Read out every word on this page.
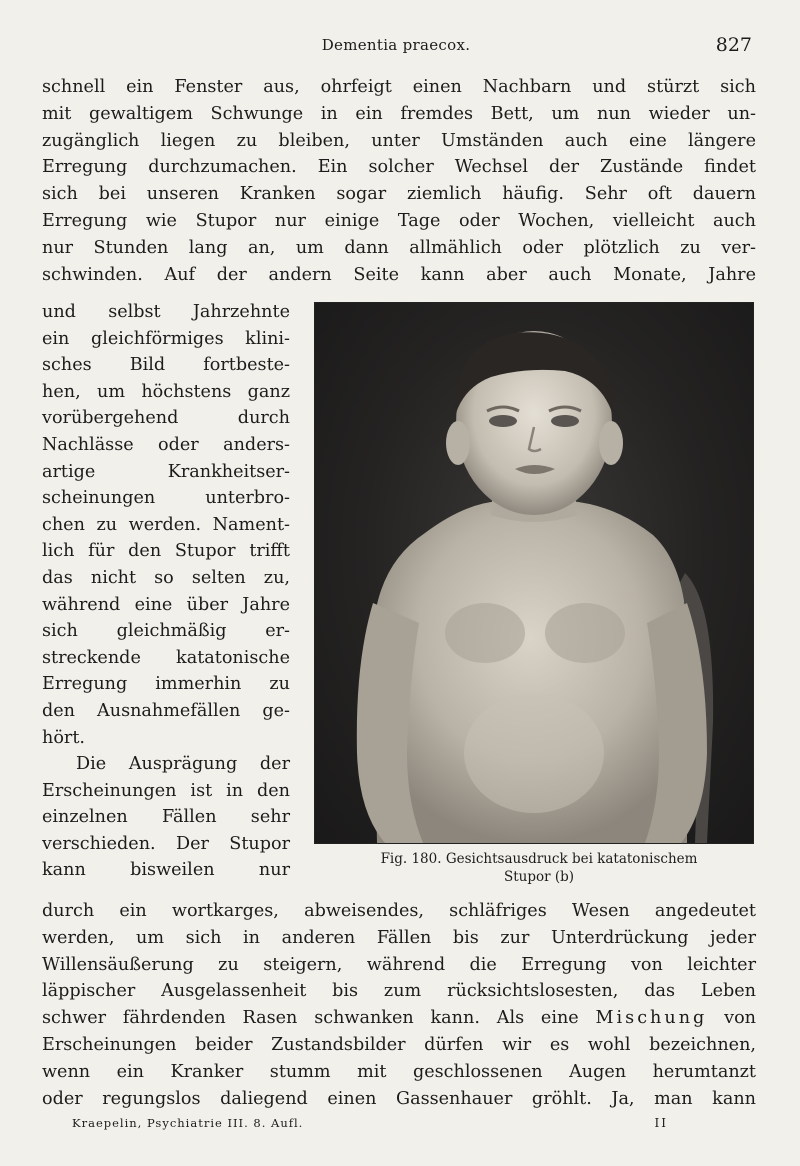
Dementia praecox.	827
schnell ein Fenster aus, ohrfeigt einen Nachbarn und stürzt sich
mit gewaltigem Schwunge in ein fremdes Bett, um nun wieder un-
zugänglich liegen zu bleiben, unter Umständen auch eine längere
Erregung durchzumachen. Ein solcher Wechsel der Zustände findet
sich bei unseren Kranken sogar ziemlich häufig. Sehr oft dauern
Erregung wie Stupor nur einige Tage oder Wochen, vielleicht auch
nur Stunden lang an, um dann allmählich oder plötzlich zu ver-
schwinden. Auf der andern Seite kann aber auch Monate, Jahre
und selbst Jahrzehnte
ein gleichförmiges klini-
sches Bild fortbeste-
hen, um höchstens ganz
vorübergehend durch
Nachlässe oder anders-
artige Krankheitser-
scheinungen unterbro-
chen zu werden. Nament-
lich für den Stupor trifft
das nicht so selten zu,
während eine über Jahre
sich gleichmäßig er-
streckende katatonische
Erregung immerhin zu
den Ausnahmefällen ge-
hört.
Die Ausprägung der
Erscheinungen ist in den
einzelnen Fällen sehr
verschieden. Der Stupor
kann bisweilen nur
Fig. 180. Gesichtsausdruck bei katatonischem
Stupor (b)
durch ein wortkarges, abweisendes, schläfriges Wesen angedeutet
werden, um sich in anderen Fällen bis zur Unterdrückung jeder
Willensäußerung zu steigern, während die Erregung von leichter
läppischer Ausgelassenheit bis zum rücksichtslosesten, das Leben
schwer fährdenden Rasen schwanken kann. Als eine Mischung von
Erscheinungen beider Zustandsbilder dürfen wir es wohl bezeichnen,
wenn ein Kranker stumm mit geschlossenen Augen herumtanzt
oder regungslos daliegend einen Gassenhauer gröhlt. Ja, man kann
Kraepelin, Psychiatrie III. 8. Aufl.	II
